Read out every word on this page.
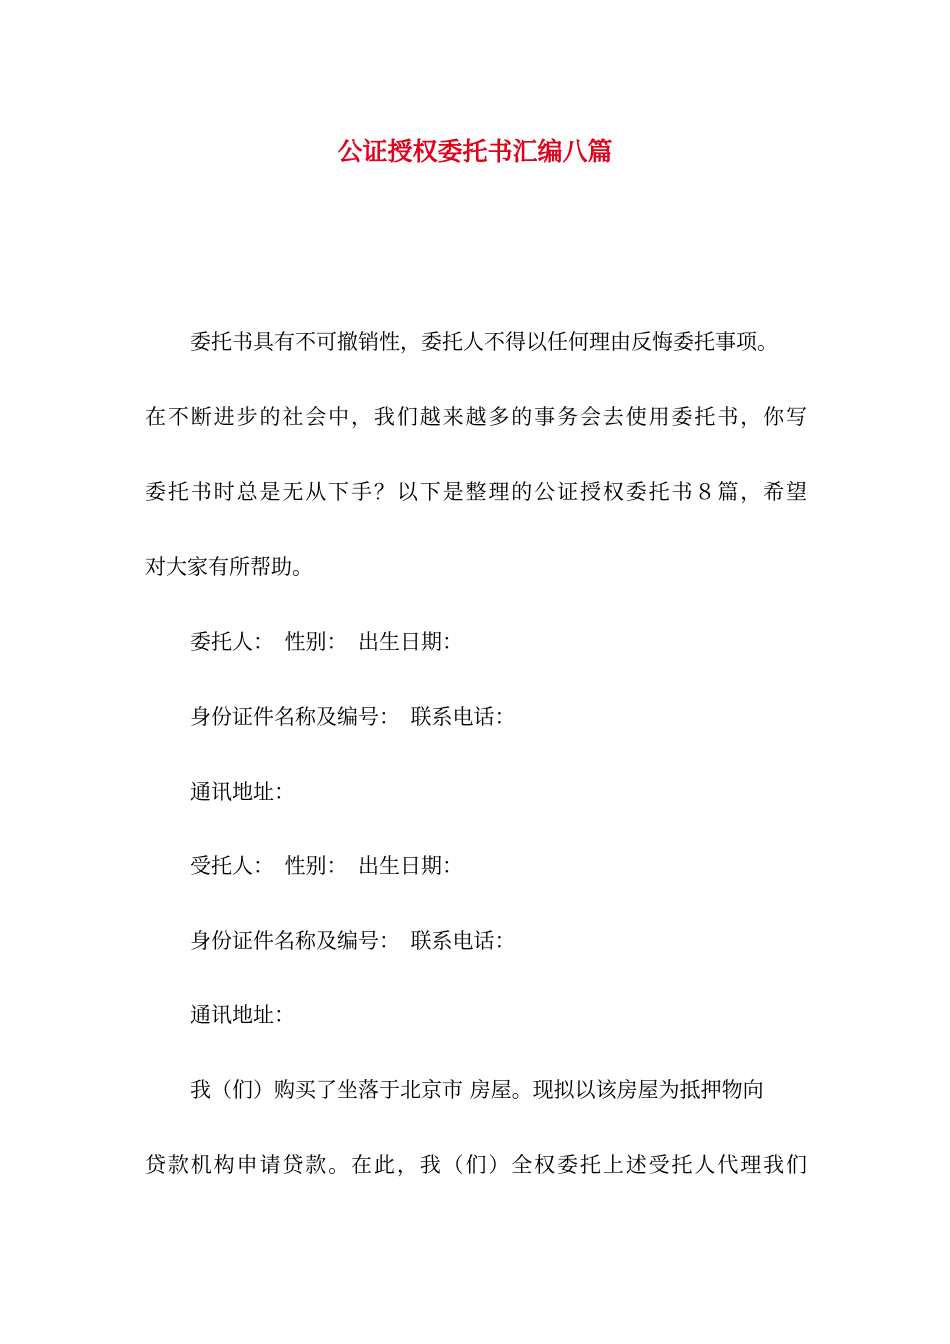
公证授权委托书汇编八篇
委托书具有不可撤销性，委托人不得以任何理由反悔委托事项。
在不断进步的社会中，我们越来越多的事务会去使用委托书，你写
委托书时总是无从下手？以下是整理的公证授权委托书８篇，希望
对大家有所帮助。
委托人：　性别：　出生日期：
身份证件名称及编号：　联系电话：
通讯地址：
受托人：　性别：　出生日期：
身份证件名称及编号：　联系电话：
通讯地址：
我（们）购买了坐落于北京市 房屋。现拟以该房屋为抵押物向
贷款机构申请贷款。在此，我（们）全权委托上述受托人代理我们
